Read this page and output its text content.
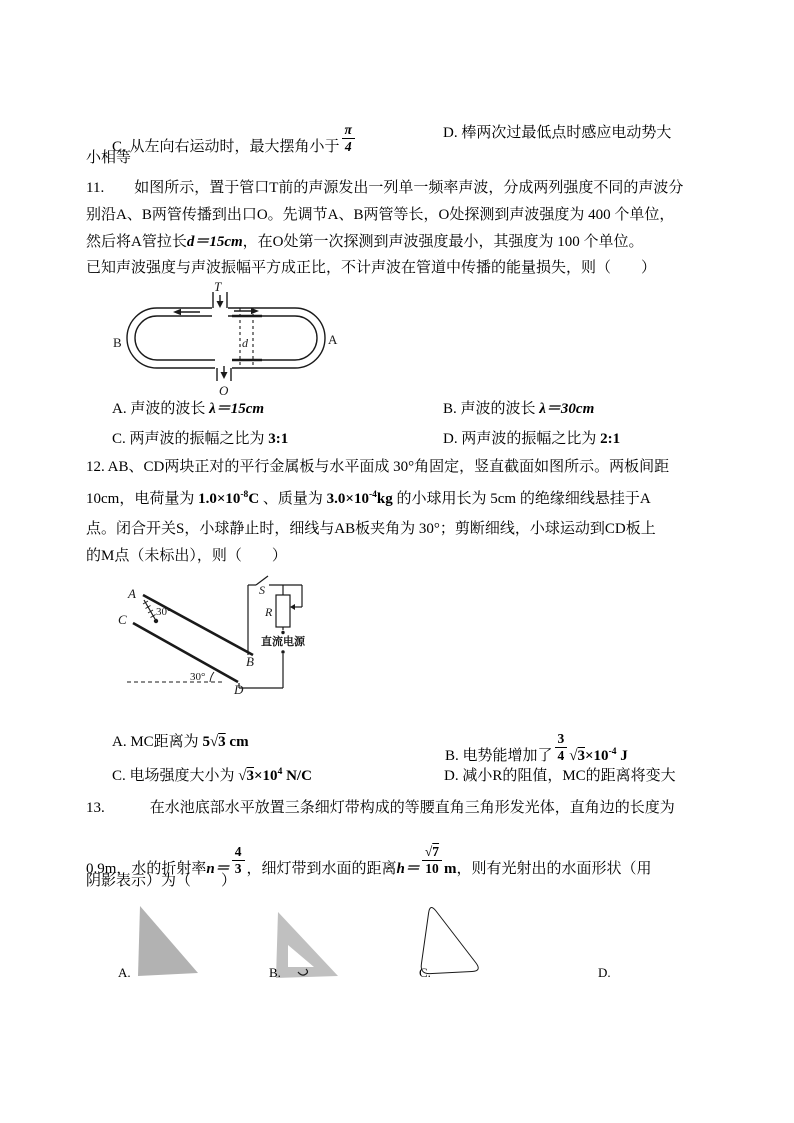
C. 从左向右运动时，最大摆角小于 $\frac{\pi}{4}$	D. 棒两次过最低点时感应电动势大
小相等
11.　　如图所示，置于管口T前的声源发出一列单一频率声波，分成两列强度不同的声波分
别沿A、B两管传播到出口O。先调节A、B两管等长，O处探测到声波强度为 400 个单位，
然后将A管拉长d＝15cm，在O处第一次探测到声波强度最小，其强度为 100 个单位。
已知声波强度与声波振幅平方成正比，不计声波在管道中传播的能量损失，则（　　）
T
O
B	A
d
A. 声波的波长 λ＝15cm	B. 声波的波长 λ＝30cm
C. 两声波的振幅之比为 3:1	D. 两声波的振幅之比为 2:1
12. AB、CD两块正对的平行金属板与水平面成 30°角固定，竖直截面如图所示。两板间距
10cm，电荷量为 $1.0\times 10^{-8}C$ 、质量为 $3.0\times 10^{-4}kg$ 的小球用长为 5cm 的绝缘细线悬挂于A
点。闭合开关S，小球静止时，细线与AB板夹角为 30°；剪断细线，小球运动到CD板上
的M点（未标出），则（　　）
A
B
C
D
30°
30°
S
R
直流电源
A. MC距离为 5√3 cm
B. 电势能增加了 $\frac{3}{4} √3\times 10^{-4}$ J
C. 电场强度大小为 $√3\times 10^4$ N/C	D. 减小R的阻值，MC的距离将变大
13.　　　在水池底部水平放置三条细灯带构成的等腰直角三角形发光体，直角边的长度为
0.9m，水的折射率$n= \frac{4}{3}$ ，细灯带到水面的距离$h= \frac{√7}{10}$ m，则有光射出的水面形状（用
阴影表示）为（　　）
A.	B.	C.	D.
